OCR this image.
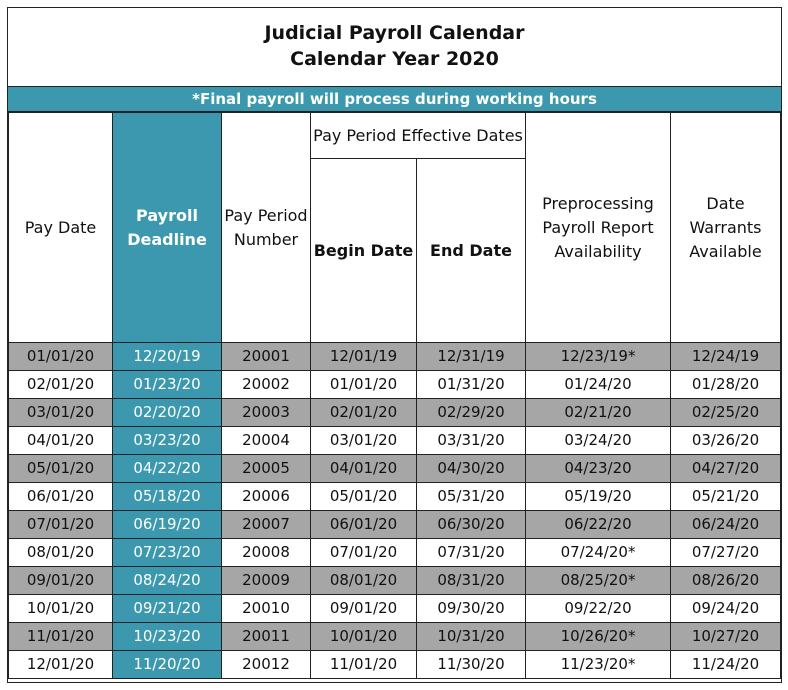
Judicial Payroll Calendar
Calendar Year 2020
*Final payroll will process during working hours
Pay Date	Payroll Deadline	Pay Period Number	Pay Period Effective Dates		Preprocessing Payroll Report Availability	Date Warrants Available
			Begin Date	End Date		
01/01/20	12/20/19	20001	12/01/19	12/31/19	12/23/19*	12/24/19
02/01/20	01/23/20	20002	01/01/20	01/31/20	01/24/20	01/28/20
03/01/20	02/20/20	20003	02/01/20	02/29/20	02/21/20	02/25/20
04/01/20	03/23/20	20004	03/01/20	03/31/20	03/24/20	03/26/20
05/01/20	04/22/20	20005	04/01/20	04/30/20	04/23/20	04/27/20
06/01/20	05/18/20	20006	05/01/20	05/31/20	05/19/20	05/21/20
07/01/20	06/19/20	20007	06/01/20	06/30/20	06/22/20	06/24/20
08/01/20	07/23/20	20008	07/01/20	07/31/20	07/24/20*	07/27/20
09/01/20	08/24/20	20009	08/01/20	08/31/20	08/25/20*	08/26/20
10/01/20	09/21/20	20010	09/01/20	09/30/20	09/22/20	09/24/20
11/01/20	10/23/20	20011	10/01/20	10/31/20	10/26/20*	10/27/20
12/01/20	11/20/20	20012	11/01/20	11/30/20	11/23/20*	11/24/20
